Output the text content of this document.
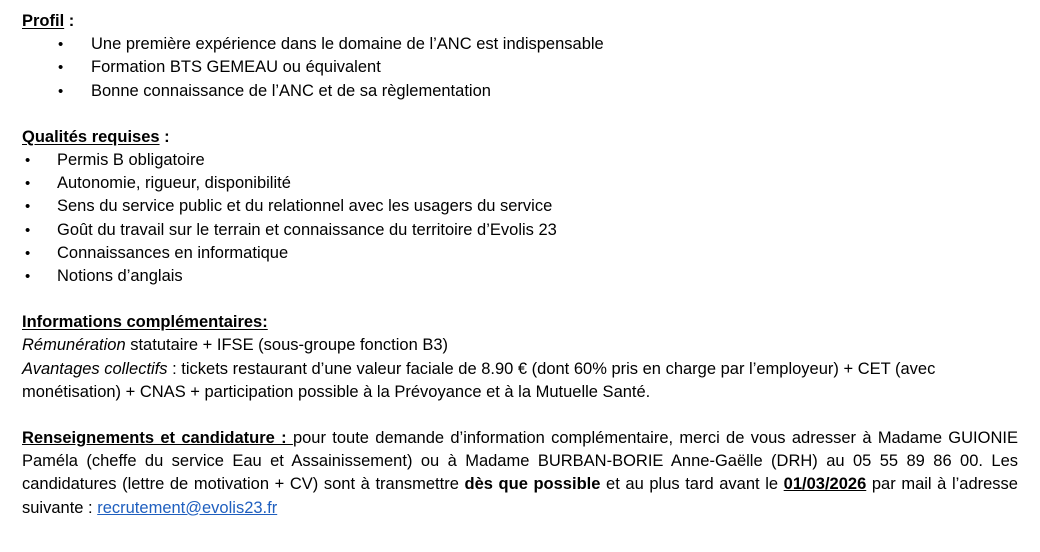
Profil :
• Une première expérience dans le domaine de l’ANC est indispensable
• Formation BTS GEMEAU ou équivalent
• Bonne connaissance de l’ANC et de sa règlementation
Qualités requises :
• Permis B obligatoire
• Autonomie, rigueur, disponibilité
• Sens du service public et du relationnel avec les usagers du service
• Goût du travail sur le terrain et connaissance du territoire d’Evolis 23
• Connaissances en informatique
• Notions d’anglais
Informations complémentaires:
Rémunération statutaire + IFSE (sous-groupe fonction B3)
Avantages collectifs : tickets restaurant d’une valeur faciale de 8.90 € (dont 60% pris en charge par l’employeur) + CET (avec monétisation) + CNAS + participation possible à la Prévoyance et à la Mutuelle Santé.
Renseignements et candidature : pour toute demande d’information complémentaire, merci de vous adresser à Madame GUIONIE Paméla (cheffe du service Eau et Assainissement) ou à Madame BURBAN-BORIE Anne-Gaëlle (DRH) au 05 55 89 86 00. Les candidatures (lettre de motivation + CV) sont à transmettre dès que possible et au plus tard avant le 01/03/2026 par mail à l’adresse suivante : recrutement@evolis23.fr
